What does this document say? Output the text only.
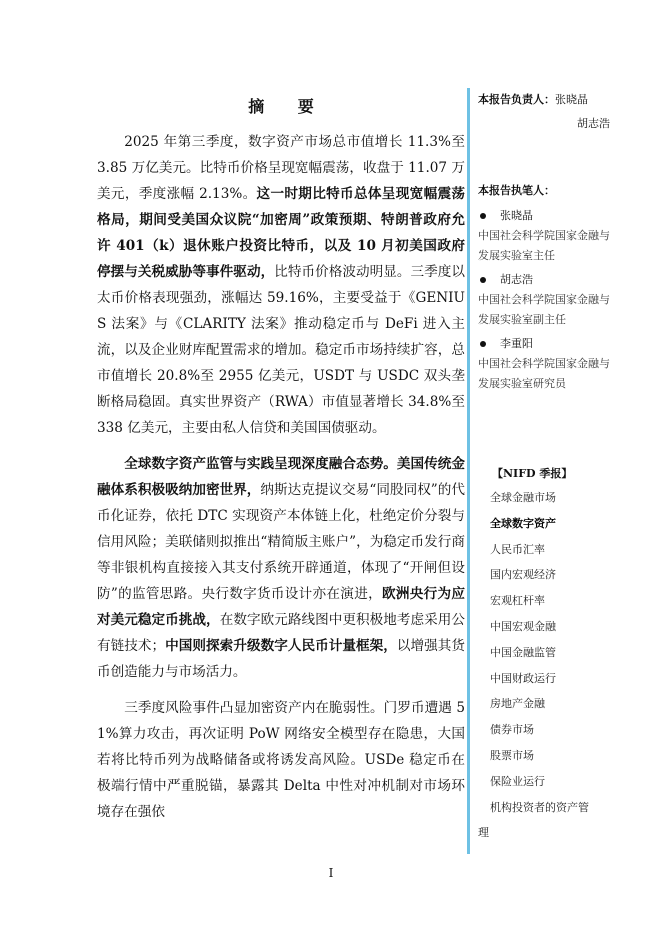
摘 要

2025 年第三季度，数字资产市场总市值增长 11.3%至 3.85 万亿美元。比特币价格呈现宽幅震荡，收盘于 11.07 万美元，季度涨幅 2.13%。这一时期比特币总体呈现宽幅震荡格局，期间受美国众议院“加密周”政策预期、特朗普政府允许 401（k）退休账户投资比特币，以及 10 月初美国政府停摆与关税威胁等事件驱动，比特币价格波动明显。三季度以太币价格表现强劲，涨幅达 59.16%，主要受益于《GENIUS 法案》与《CLARITY 法案》推动稳定币与 DeFi 进入主流，以及企业财库配置需求的增加。稳定币市场持续扩容，总市值增长 20.8%至 2955 亿美元，USDT 与 USDC 双头垄断格局稳固。真实世界资产（RWA）市值显著增长 34.8%至 338 亿美元，主要由私人信贷和美国国债驱动。

全球数字资产监管与实践呈现深度融合态势。美国传统金融体系积极吸纳加密世界，纳斯达克提议交易“同股同权”的代币化证券，依托 DTC 实现资产本体链上化，杜绝定价分裂与信用风险；美联储则拟推出“精简版主账户”，为稳定币发行商等非银机构直接接入其支付系统开辟通道，体现了“开闸但设防”的监管思路。央行数字货币设计亦在演进，欧洲央行为应对美元稳定币挑战，在数字欧元路线图中更积极地考虑采用公有链技术；中国则探索升级数字人民币计量框架，以增强其货币创造能力与市场活力。

三季度风险事件凸显加密资产内在脆弱性。门罗币遭遇 51%算力攻击，再次证明 PoW 网络安全模型存在隐患，大国若将比特币列为战略储备或将诱发高风险。USDe 稳定币在极端行情中严重脱锚，暴露其 Delta 中性对冲机制对市场环境存在强依

本报告负责人：张晓晶
胡志浩
本报告执笔人：
张晓晶
中国社会科学院国家金融与发展实验室主任
胡志浩
中国社会科学院国家金融与发展实验室副主任
李重阳
中国社会科学院国家金融与发展实验室研究员
【NIFD 季报】
全球金融市场
全球数字资产
人民币汇率
国内宏观经济
宏观杠杆率
中国宏观金融
中国金融监管
中国财政运行
房地产金融
债券市场
股票市场
保险业运行
机构投资者的资产管
理
I
